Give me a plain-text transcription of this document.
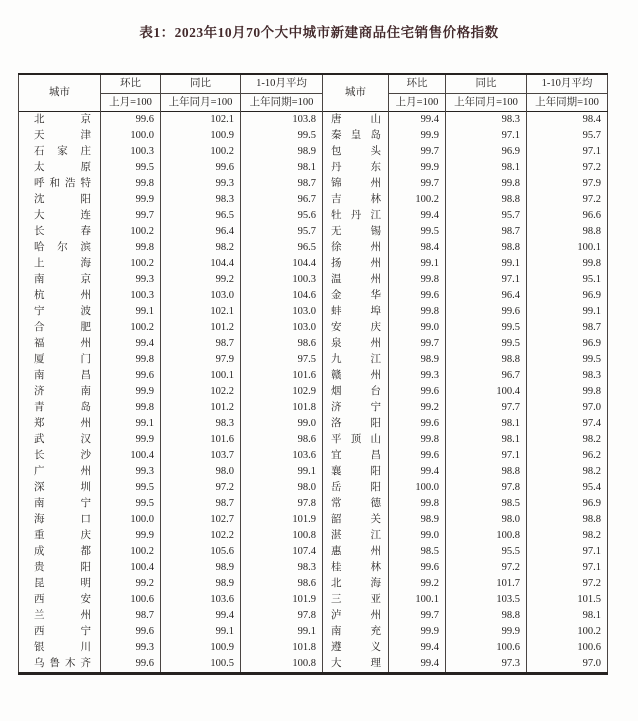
表1：2023年10月70个大中城市新建商品住宅销售价格指数
城市	环比	同比	1-10月平均	城市	环比	同比	1-10月平均
	上月=100	上年同月=100	上年同期=100		上月=100	上年同月=100	上年同期=100
北京	99.6	102.1	103.8	唐山	99.4	98.3	98.4
天津	100.0	100.9	99.5	秦皇岛	99.9	97.1	95.7
石家庄	100.3	100.2	98.9	包头	99.7	96.9	97.1
太原	99.5	99.6	98.1	丹东	99.9	98.1	97.2
呼和浩特	99.8	99.3	98.7	锦州	99.7	99.8	97.9
沈阳	99.9	98.3	96.7	吉林	100.2	98.8	97.2
大连	99.7	96.5	95.6	牡丹江	99.4	95.7	96.6
长春	100.2	96.4	95.7	无锡	99.5	98.7	98.8
哈尔滨	99.8	98.2	96.5	徐州	98.4	98.8	100.1
上海	100.2	104.4	104.4	扬州	99.1	99.1	99.8
南京	99.3	99.2	100.3	温州	99.8	97.1	95.1
杭州	100.3	103.0	104.6	金华	99.6	96.4	96.9
宁波	99.1	102.1	103.0	蚌埠	99.8	99.6	99.1
合肥	100.2	101.2	103.0	安庆	99.0	99.5	98.7
福州	99.4	98.7	98.6	泉州	99.7	99.5	96.9
厦门	99.8	97.9	97.5	九江	98.9	98.8	99.5
南昌	99.6	100.1	101.6	赣州	99.3	96.7	98.3
济南	99.9	102.2	102.9	烟台	99.6	100.4	99.8
青岛	99.8	101.2	101.8	济宁	99.2	97.7	97.0
郑州	99.1	98.3	99.0	洛阳	99.6	98.1	97.4
武汉	99.9	101.6	98.6	平顶山	99.8	98.1	98.2
长沙	100.4	103.7	103.6	宜昌	99.6	97.1	96.2
广州	99.3	98.0	99.1	襄阳	99.4	98.8	98.2
深圳	99.5	97.2	98.0	岳阳	100.0	97.8	95.4
南宁	99.5	98.7	97.8	常德	99.8	98.5	96.9
海口	100.0	102.7	101.9	韶关	98.9	98.0	98.8
重庆	99.9	102.2	100.8	湛江	99.0	100.8	98.2
成都	100.2	105.6	107.4	惠州	98.5	95.5	97.1
贵阳	100.4	98.9	98.3	桂林	99.6	97.2	97.1
昆明	99.2	98.9	98.6	北海	99.2	101.7	97.2
西安	100.6	103.6	101.9	三亚	100.1	103.5	101.5
兰州	98.7	99.4	97.8	泸州	99.7	98.8	98.1
西宁	99.6	99.1	99.1	南充	99.9	99.9	100.2
银川	99.3	100.9	101.8	遵义	99.4	100.6	100.6
乌鲁木齐	99.6	100.5	100.8	大理	99.4	97.3	97.0
